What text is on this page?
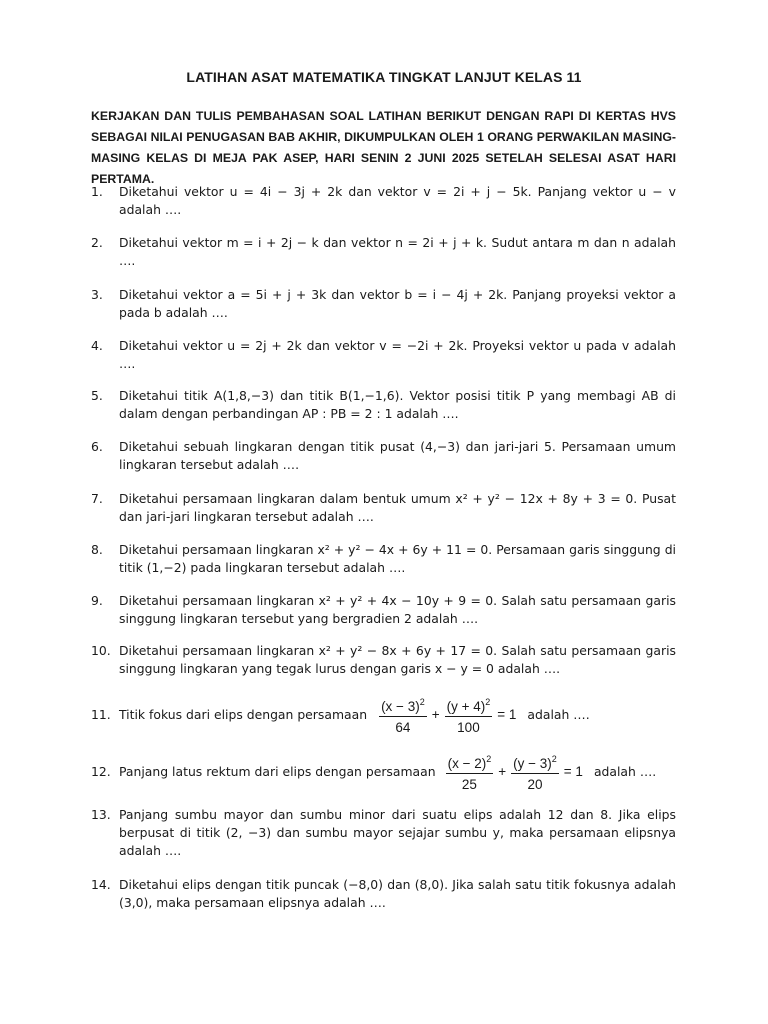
LATIHAN ASAT MATEMATIKA TINGKAT LANJUT KELAS 11
KERJAKAN DAN TULIS PEMBAHASAN SOAL LATIHAN BERIKUT DENGAN RAPI DI KERTAS HVS SEBAGAI NILAI PENUGASAN BAB AKHIR, DIKUMPULKAN OLEH 1 ORANG PERWAKILAN MASING-MASING KELAS DI MEJA PAK ASEP, HARI SENIN 2 JUNI 2025 SETELAH SELESAI ASAT HARI PERTAMA.
1.	Diketahui vektor u = 4i − 3j + 2k dan vektor v = 2i + j − 5k. Panjang vektor u − v adalah ….
2.	Diketahui vektor m = i + 2j − k dan vektor n = 2i + j + k. Sudut antara m dan n adalah ….
3.	Diketahui vektor a = 5i + j + 3k dan vektor b = i − 4j + 2k. Panjang proyeksi vektor a pada b adalah ….
4.	Diketahui vektor u = 2j + 2k dan vektor v = −2i + 2k. Proyeksi vektor u pada v adalah ….
5.	Diketahui titik A(1,8,−3) dan titik B(1,−1,6). Vektor posisi titik P yang membagi AB di dalam dengan perbandingan AP : PB = 2 : 1 adalah ….
6.	Diketahui sebuah lingkaran dengan titik pusat (4,−3) dan jari-jari 5. Persamaan umum lingkaran tersebut adalah ….
7.	Diketahui persamaan lingkaran dalam bentuk umum x² + y² − 12x + 8y + 3 = 0. Pusat dan jari-jari lingkaran tersebut adalah ….
8.	Diketahui persamaan lingkaran x² + y² − 4x + 6y + 11 = 0. Persamaan garis singgung di titik (1,−2) pada lingkaran tersebut adalah ….
9.	Diketahui persamaan lingkaran x² + y² + 4x − 10y + 9 = 0. Salah satu persamaan garis singgung lingkaran tersebut yang bergradien 2 adalah ….
10. Diketahui persamaan lingkaran x² + y² − 8x + 6y + 17 = 0. Salah satu persamaan garis singgung lingkaran yang tegak lurus dengan garis x − y = 0 adalah ….
11. Titik fokus dari elips dengan persamaan $\frac{(x - 3)^2}{64} + \frac{(y + 4)^2}{100} = 1$ adalah ….
12. Panjang latus rektum dari elips dengan persamaan $\frac{(x - 2)^2}{25} + \frac{(y - 3)^2}{20} = 1$ adalah ….
13. Panjang sumbu mayor dan sumbu minor dari suatu elips adalah 12 dan 8. Jika elips berpusat di titik (2, −3) dan sumbu mayor sejajar sumbu y, maka persamaan elipsnya adalah ….
14. Diketahui elips dengan titik puncak (−8,0) dan (8,0). Jika salah satu titik fokusnya adalah (3,0), maka persamaan elipsnya adalah ….
